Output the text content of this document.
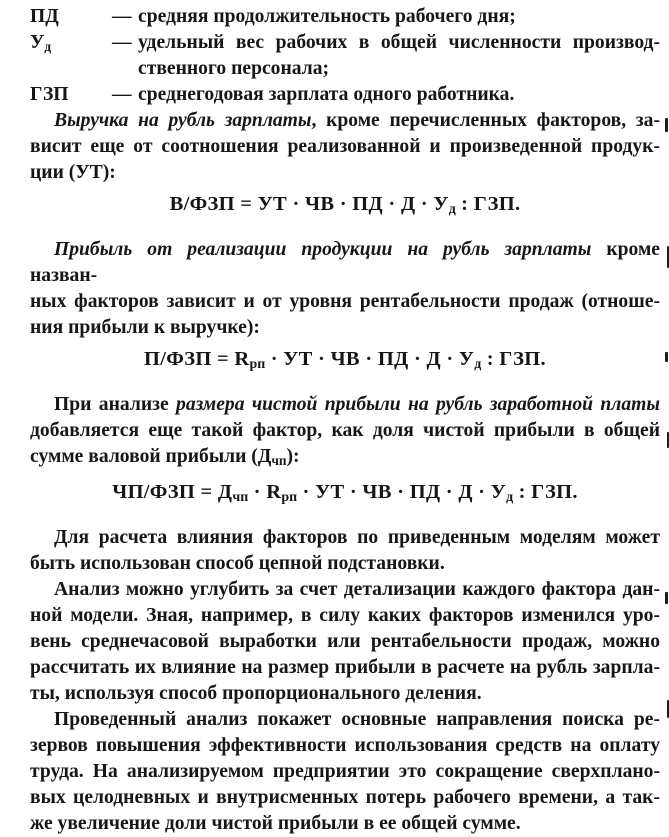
ПД	— средняя продолжительность рабочего дня;
Уд	— удельный вес рабочих в общей численности производ-
ственного персонала;
ГЗП	— среднегодовая зарплата одного работника.
Выручка на рубль зарплаты, кроме перечисленных факторов, за-
висит еще от соотношения реализованной и произведенной продук-
ции (УТ):
В/ФЗП = УТ · ЧВ · ПД · Д · Уд : ГЗП.
Прибыль от реализации продукции на рубль зарплаты кроме назван-
ных факторов зависит и от уровня рентабельности продаж (отноше-
ния прибыли к выручке):
П/ФЗП = Rрп · УТ · ЧВ · ПД · Д · Уд : ГЗП.
При анализе размера чистой прибыли на рубль заработной платы
добавляется еще такой фактор, как доля чистой прибыли в общей
сумме валовой прибыли (Дчп):
ЧП/ФЗП = Дчп · Rрп · УТ · ЧВ · ПД · Д · Уд : ГЗП.
Для расчета влияния факторов по приведенным моделям может
быть использован способ цепной подстановки.
Анализ можно углубить за счет детализации каждого фактора дан-
ной модели. Зная, например, в силу каких факторов изменился уро-
вень среднечасовой выработки или рентабельности продаж, можно
рассчитать их влияние на размер прибыли в расчете на рубль зарпла-
ты, используя способ пропорционального деления.
Проведенный анализ покажет основные направления поиска ре-
зервов повышения эффективности использования средств на оплату
труда. На анализируемом предприятии это сокращение сверхплано-
вых целодневных и внутрисменных потерь рабочего времени, а так-
же увеличение доли чистой прибыли в ее общей сумме.
